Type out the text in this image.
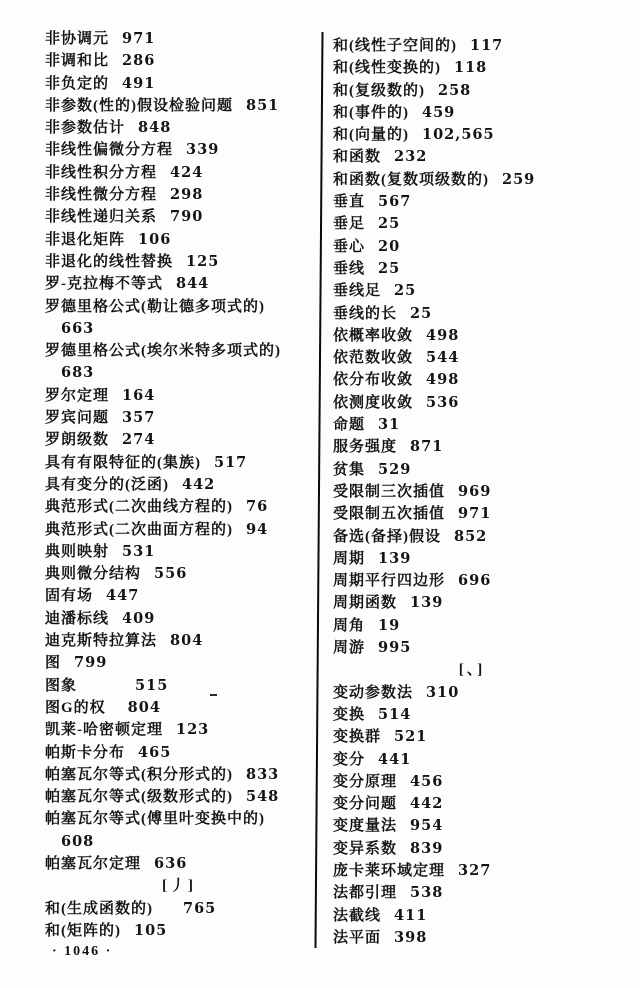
非协调元 971
非调和比 286
非负定的 491
非参数(性的)假设检验问题 851
非参数估计 848
非线性偏微分方程 339
非线性积分方程 424
非线性微分方程 298
非线性递归关系 790
非退化矩阵 106
非退化的线性替换 125
罗-克拉梅不等式 844
罗德里格公式(勒让德多项式的)
663
罗德里格公式(埃尔米特多项式的)
683
罗尔定理 164
罗宾问题 357
罗朗级数 274
具有有限特征的(集族) 517
具有变分的(泛函) 442
典范形式(二次曲线方程的) 76
典范形式(二次曲面方程的) 94
典则映射 531
典则微分结构 556
固有场 447
迪潘标线 409
迪克斯特拉算法 804
图 799
图象	515
图G的权 804
凯莱-哈密顿定理 123
帕斯卡分布 465
帕塞瓦尔等式(积分形式的) 833
帕塞瓦尔等式(级数形式的) 548
帕塞瓦尔等式(傅里叶变换中的)
608
帕塞瓦尔定理 636
[丿]
和(生成函数的) 765
和(矩阵的) 105
和(线性子空间的) 117
和(线性变换的) 118
和(复级数的) 258
和(事件的) 459
和(向量的) 102,565
和函数 232
和函数(复数项级数的) 259
垂直 567
垂足 25
垂心 20
垂线 25
垂线足 25
垂线的长 25
依概率收敛 498
依范数收敛 544
依分布收敛 498
依测度收敛 536
命题 31
服务强度 871
贫集 529
受限制三次插值 969
受限制五次插值 971
备选(备择)假设 852
周期 139
周期平行四边形 696
周期函数 139
周角 19
周游 995
[、]
变动参数法 310
变换 514
变换群 521
变分 441
变分原理 456
变分问题 442
变度量法 954
变异系数 839
庞卡莱环域定理 327
法都引理 538
法截线 411
法平面 398
· 1046 ·
